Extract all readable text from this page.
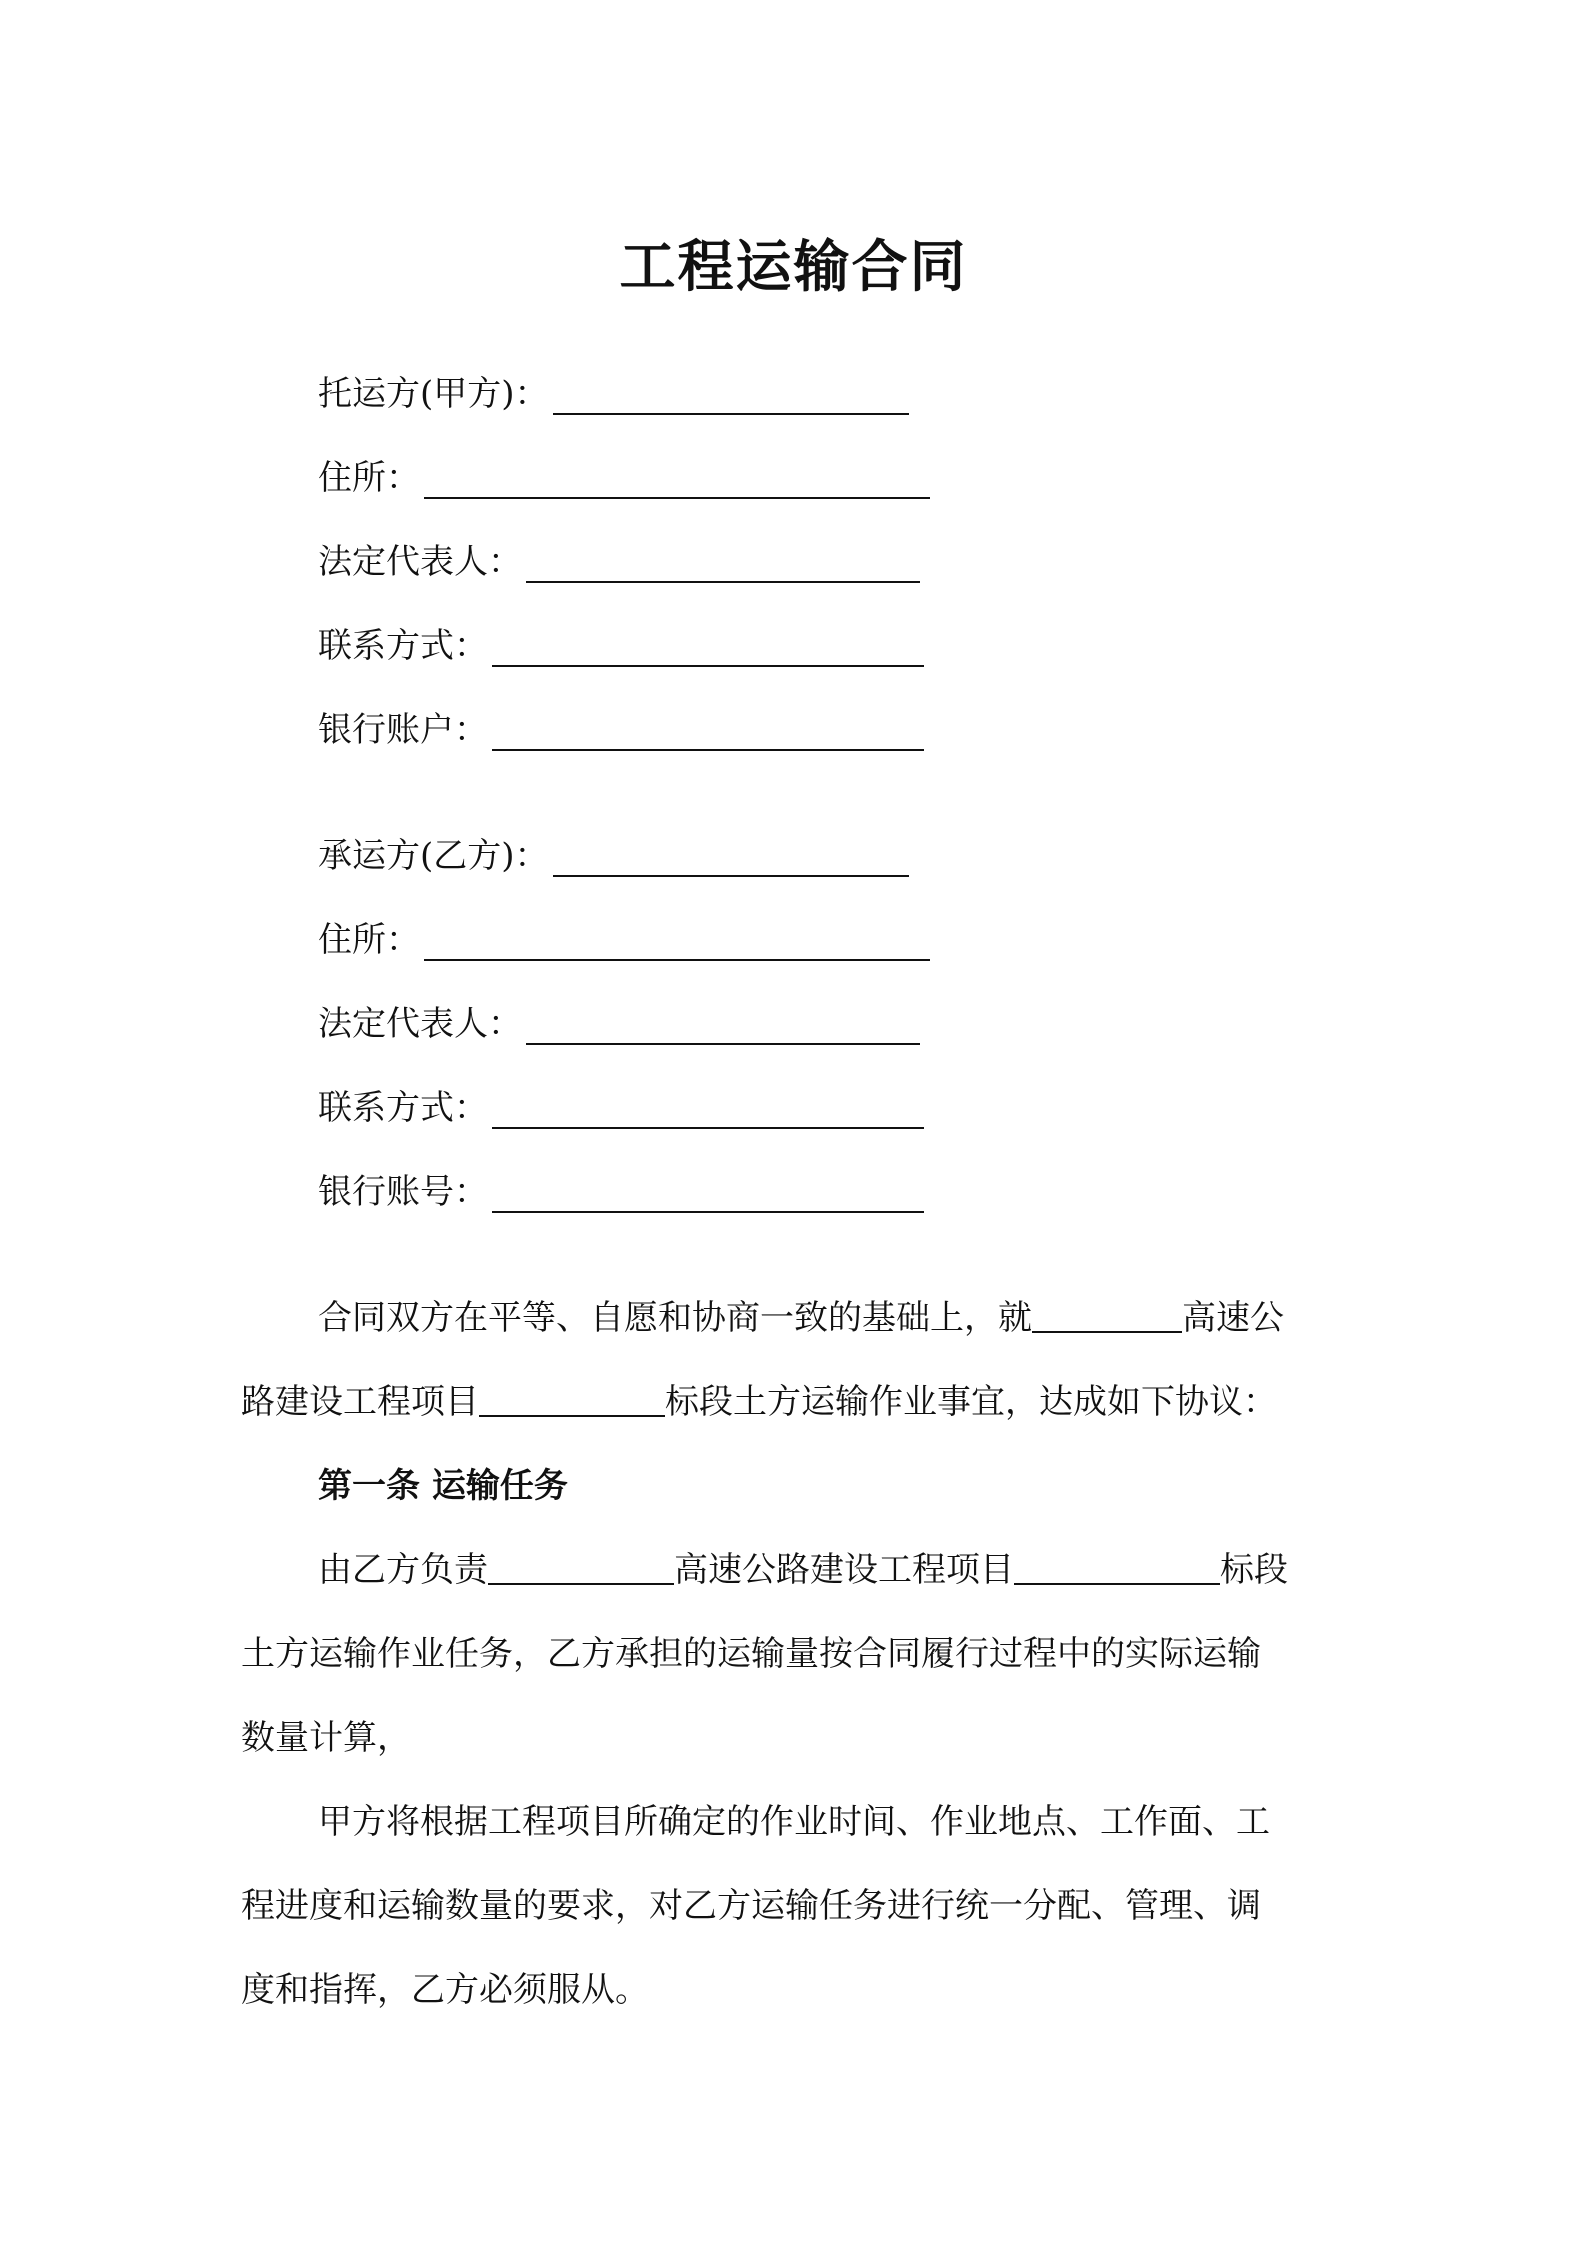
工程运输合同
托运方(甲方)：
住所：
法定代表人：
联系方式：
银行账户：
承运方(乙方)：
住所：
法定代表人：
联系方式：
银行账号：
合同双方在平等、自愿和协商一致的基础上，就	高速公
路建设工程项目	标段土方运输作业事宜，达成如下协议：
第一条 运输任务
由乙方负责	高速公路建设工程项目	标段
土方运输作业任务，乙方承担的运输量按合同履行过程中的实际运输
数量计算，
甲方将根据工程项目所确定的作业时间、作业地点、工作面、工
程进度和运输数量的要求，对乙方运输任务进行统一分配、管理、调
度和指挥，乙方必须服从。
